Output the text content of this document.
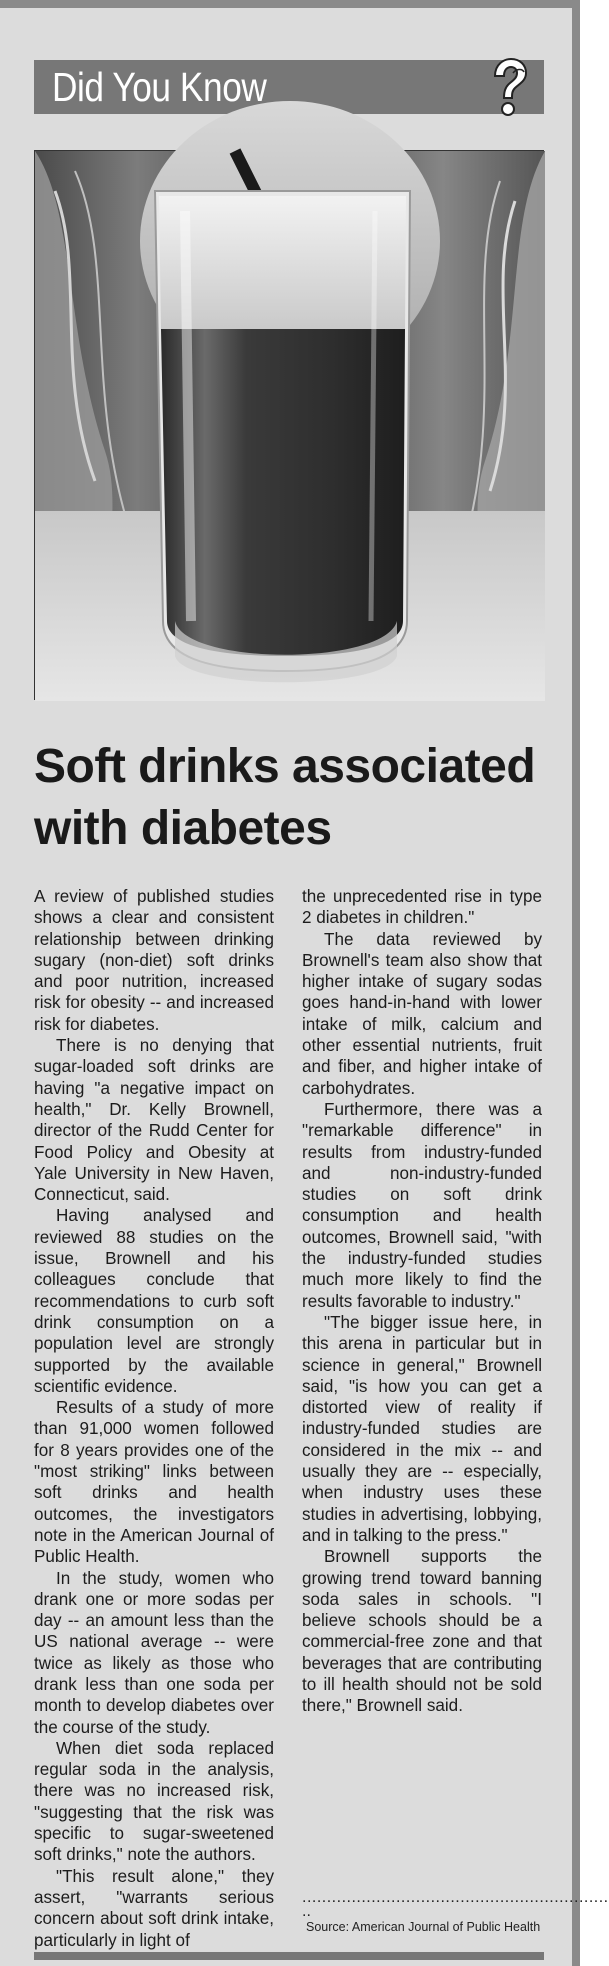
Did You Know
Soft drinks associated with diabetes

A review of published studies shows a clear and consistent relationship between drinking sugary (non-diet) soft drinks and poor nutrition, increased risk for obesity -- and increased risk for diabetes.

There is no denying that sugar-loaded soft drinks are having "a negative impact on health," Dr. Kelly Brownell, director of the Rudd Center for Food Policy and Obesity at Yale University in New Haven, Connecticut, said.

Having analysed and reviewed 88 studies on the issue, Brownell and his colleagues conclude that recommendations to curb soft drink consumption on a population level are strongly supported by the available scientific evidence.

Results of a study of more than 91,000 women followed for 8 years provides one of the "most striking" links between soft drinks and health outcomes, the investigators note in the American Journal of Public Health.

In the study, women who drank one or more sodas per day -- an amount less than the US national average -- were twice as likely as those who drank less than one soda per month to develop diabetes over the course of the study.

When diet soda replaced regular soda in the analysis, there was no increased risk, "suggesting that the risk was specific to sugar-sweetened soft drinks," note the authors.

"This result alone," they assert, "warrants serious concern about soft drink intake, particularly in light of

the unprecedented rise in type 2 diabetes in children."

The data reviewed by Brownell's team also show that higher intake of sugary sodas goes hand-in-hand with lower intake of milk, calcium and other essential nutrients, fruit and fiber, and higher intake of carbohydrates.

Furthermore, there was a "remarkable difference" in results from industry-funded and non-industry-funded studies on soft drink consumption and health outcomes, Brownell said, "with the industry-funded studies much more likely to find the results favorable to industry."

"The bigger issue here, in this arena in particular but in science in general," Brownell said, "is how you can get a distorted view of reality if industry-funded studies are considered in the mix -- and usually they are -- especially, when industry uses these studies in advertising, lobbying, and in talking to the press."

Brownell supports the growing trend toward banning soda sales in schools. "I believe schools should be a commercial-free zone and that beverages that are contributing to ill health should not be sold there," Brownell said.

..............................................................
..
Source: American Journal of Public Health
